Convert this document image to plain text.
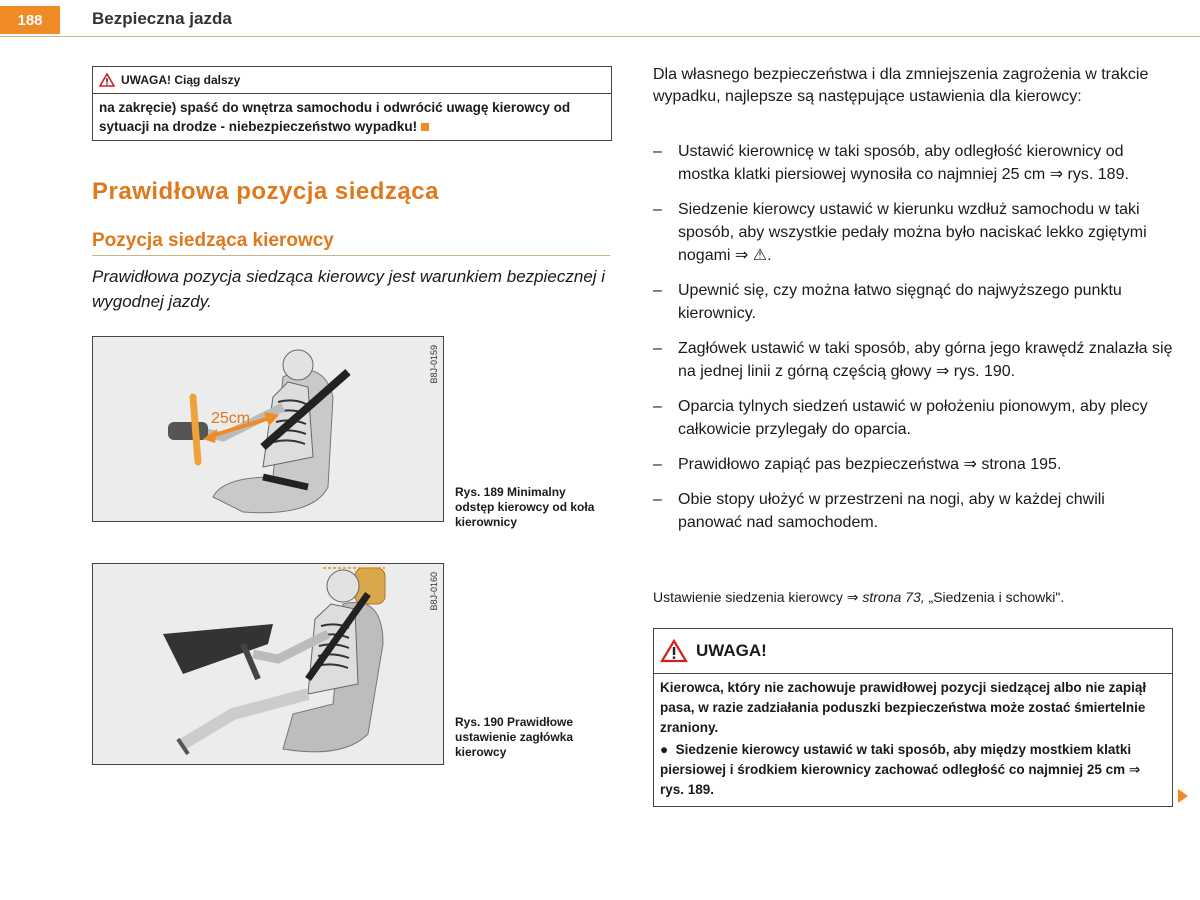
188	Bezpieczna jazda
UWAGA! Ciąg dalszy
na zakręcie) spaść do wnętrza samochodu i odwrócić uwagę kierowcy od sytuacji na drodze - niebezpieczeństwo wypadku!
Prawidłowa pozycja siedząca
Pozycja siedząca kierowcy
Prawidłowa pozycja siedząca kierowcy jest warunkiem bezpiecznej i wygodnej jazdy.
25cm
B8J-0159
Rys. 189 Minimalny odstęp kierowcy od koła kierownicy
B8J-0160
Rys. 190 Prawidłowe ustawienie zagłówka kierowcy
Dla własnego bezpieczeństwa i dla zmniejszenia zagrożenia w trakcie wypadku, najlepsze są następujące ustawienia dla kierowcy:
– Ustawić kierownicę w taki sposób, aby odległość kierownicy od mostka klatki piersiowej wynosiła co najmniej 25 cm ⇒ rys. 189.
– Siedzenie kierowcy ustawić w kierunku wzdłuż samochodu w taki sposób, aby wszystkie pedały można było naciskać lekko zgiętymi nogami ⇒ ⚠.
– Upewnić się, czy można łatwo sięgnąć do najwyższego punktu kierownicy.
– Zagłówek ustawić w taki sposób, aby górna jego krawędź znalazła się na jednej linii z górną częścią głowy ⇒ rys. 190.
– Oparcia tylnych siedzeń ustawić w położeniu pionowym, aby plecy całkowicie przylegały do oparcia.
– Prawidłowo zapiąć pas bezpieczeństwa ⇒ strona 195.
– Obie stopy ułożyć w przestrzeni na nogi, aby w każdej chwili panować nad samochodem.
Ustawienie siedzenia kierowcy ⇒ strona 73, „Siedzenia i schowki".
UWAGA!

Kierowca, który nie zachowuje prawidłowej pozycji siedzącej albo nie zapiął pasa, w razie zadziałania poduszki bezpieczeństwa może zostać śmiertelnie zraniony.

●  Siedzenie kierowcy ustawić w taki sposób, aby między mostkiem klatki piersiowej i środkiem kierownicy zachować odległość co najmniej 25 cm ⇒ rys. 189.
